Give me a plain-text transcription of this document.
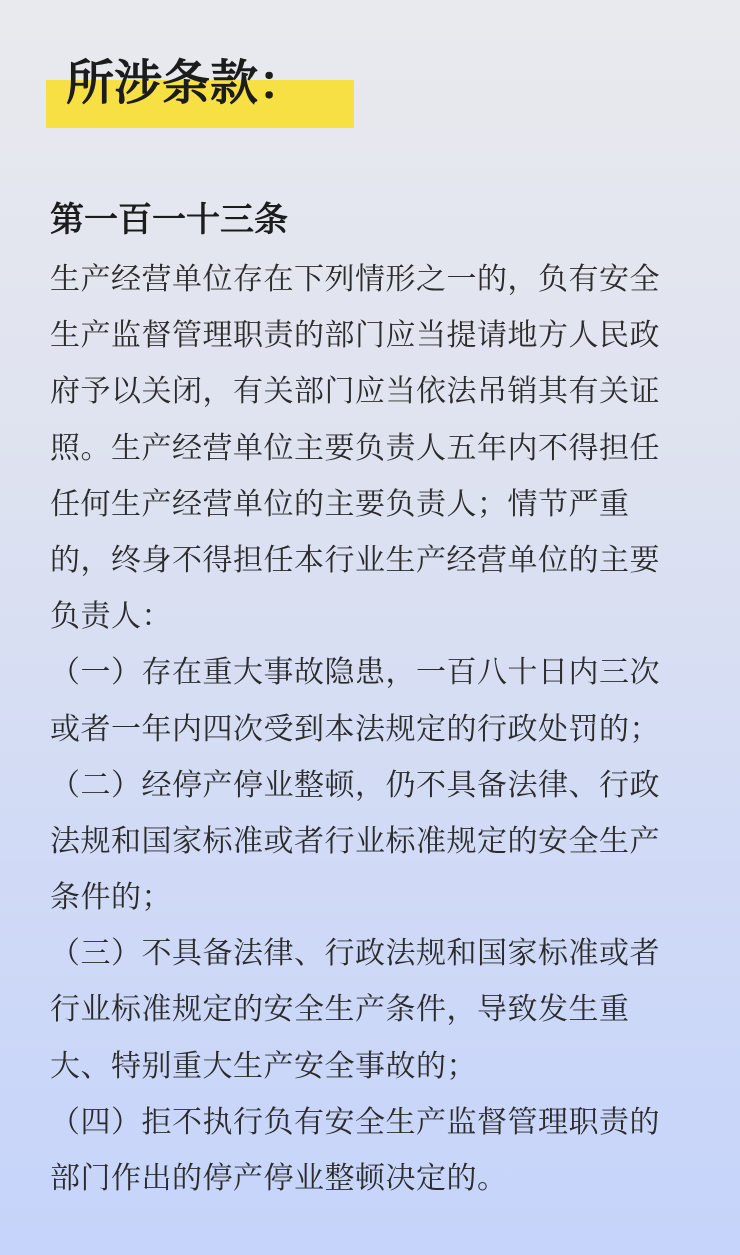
所涉条款：
第一百一十三条
生产经营单位存在下列情形之一的，负有安全
生产监督管理职责的部门应当提请地方人民政
府予以关闭，有关部门应当依法吊销其有关证
照。生产经营单位主要负责人五年内不得担任
任何生产经营单位的主要负责人；情节严重
的，终身不得担任本行业生产经营单位的主要
负责人：
（一）存在重大事故隐患，一百八十日内三次
或者一年内四次受到本法规定的行政处罚的；
（二）经停产停业整顿，仍不具备法律、行政
法规和国家标准或者行业标准规定的安全生产
条件的；
（三）不具备法律、行政法规和国家标准或者
行业标准规定的安全生产条件，导致发生重
大、特别重大生产安全事故的；
（四）拒不执行负有安全生产监督管理职责的
部门作出的停产停业整顿决定的。
